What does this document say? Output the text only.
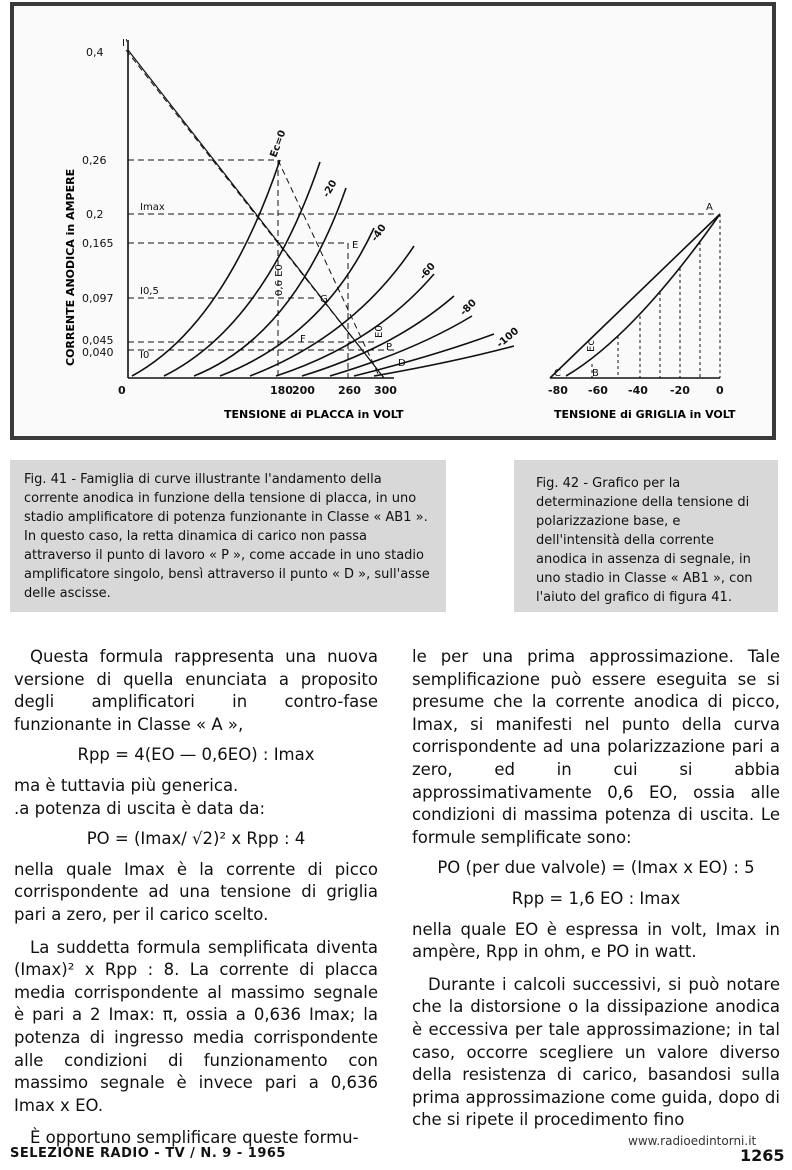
0,4
0,26
0,2
0,165
0,097
0,045
0,040
CORRENTE ANODICA in AMPERE
0	180 200 260 300
TENSIONE di PLACCA in VOLT
Ec=0
-20
-40
-60
-80
-100
I'
Imax
I0,5
I0
E
F
G
P
D
0,6 E0
E0
-80 -60 -40 -20 0
A
B
C
Ec
TENSIONE di GRIGLIA in VOLT
Fig. 41 - Famiglia di curve illustrante l'andamento della corrente anodica in funzione della tensione di placca, in uno stadio amplificatore di potenza funzionante in Classe « AB1 ». In questo caso, la retta dinamica di carico non passa attraverso il punto di lavoro « P », come accade in uno stadio amplificatore singolo, bensì attraverso il punto « D », sull'asse delle ascisse.
Fig. 42 - Grafico per la determinazione della tensione di polarizzazione base, e dell'intensità della corrente anodica in assenza di segnale, in uno stadio in Classe « AB1 », con l'aiuto del grafico di figura 41.

Questa formula rappresenta una nuova versione di quella enunciata a proposito degli amplificatori in contro-fase funzionante in Classe « A »,

Rpp = 4(EO — 0,6EO) : Imax

ma è tuttavia più generica.

.a potenza di uscita è data da:

PO = (Imax/ √2)² x Rpp : 4

nella quale Imax è la corrente di picco corrispondente ad una tensione di griglia pari a zero, per il carico scelto.

La suddetta formula semplificata diventa (Imax)² x Rpp : 8. La corrente di placca media corrispondente al massimo segnale è pari a 2 Imax: π, ossia a 0,636 Imax; la potenza di ingresso media corrispondente alle condizioni di funzionamento con massimo segnale è invece pari a 0,636 Imax x EO.

È opportuno semplificare queste formu-

le per una prima approssimazione. Tale semplificazione può essere eseguita se si presume che la corrente anodica di picco, Imax, si manifesti nel punto della curva corrispondente ad una polarizzazione pari a zero, ed in cui si abbia approssimativamente 0,6 EO, ossia alle condizioni di massima potenza di uscita. Le formule semplificate sono:

PO (per due valvole) = (Imax x EO) : 5

Rpp = 1,6 EO : Imax

nella quale EO è espressa in volt, Imax in ampère, Rpp in ohm, e PO in watt.

Durante i calcoli successivi, si può notare che la distorsione o la dissipazione anodica è eccessiva per tale approssimazione; in tal caso, occorre scegliere un valore diverso della resistenza di carico, basandosi sulla prima approssimazione come guida, dopo di che si ripete il procedimento fino

SELEZIONE RADIO - TV / N. 9 - 1965
www.radioedintorni.it
1265
